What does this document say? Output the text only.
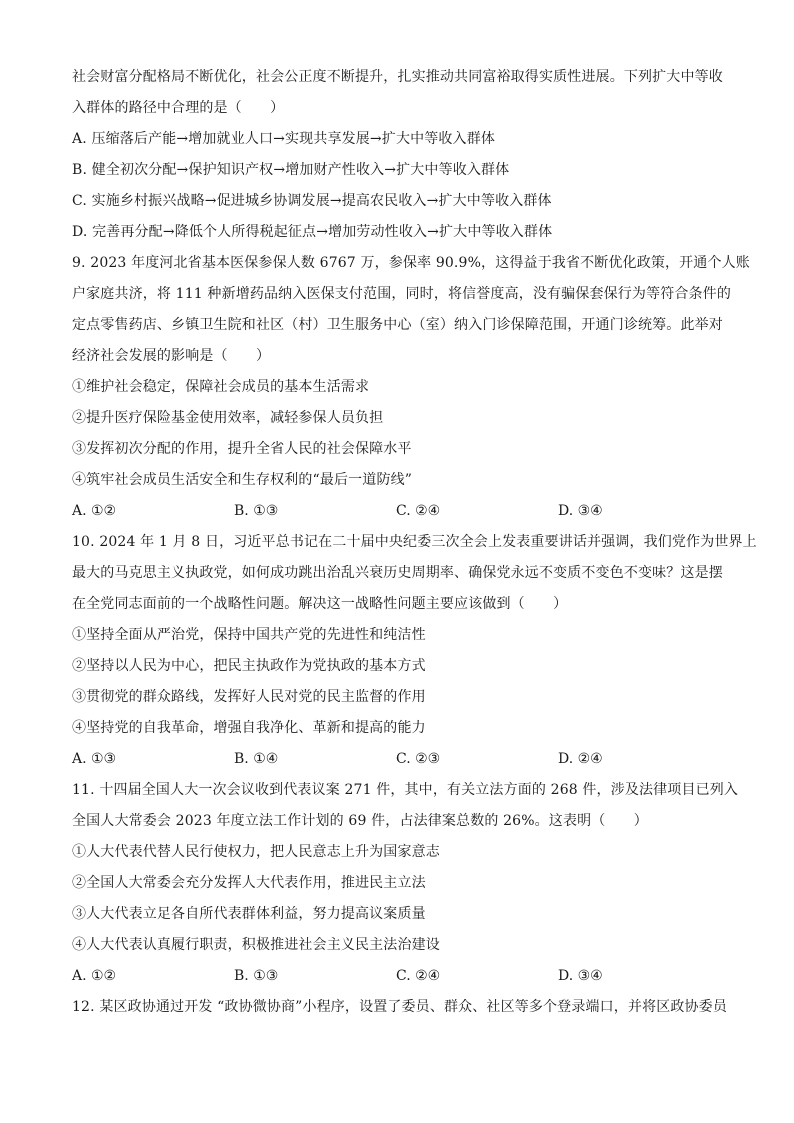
社会财富分配格局不断优化，社会公正度不断提升，扎实推动共同富裕取得实质性进展。下列扩大中等收
入群体的路径中合理的是（　　）
A. 压缩落后产能→增加就业人口→实现共享发展→扩大中等收入群体
B. 健全初次分配→保护知识产权→增加财产性收入→扩大中等收入群体
C. 实施乡村振兴战略→促进城乡协调发展→提高农民收入→扩大中等收入群体
D. 完善再分配→降低个人所得税起征点→增加劳动性收入→扩大中等收入群体
9. 2023 年度河北省基本医保参保人数 6767 万，参保率 90.9%，这得益于我省不断优化政策，开通个人账
户家庭共济，将 111 种新增药品纳入医保支付范围，同时，将信誉度高，没有骗保套保行为等符合条件的
定点零售药店、乡镇卫生院和社区（村）卫生服务中心（室）纳入门诊保障范围，开通门诊统筹。此举对
经济社会发展的影响是（　　）
①维护社会稳定，保障社会成员的基本生活需求
②提升医疗保险基金使用效率，减轻参保人员负担
③发挥初次分配的作用，提升全省人民的社会保障水平
④筑牢社会成员生活安全和生存权利的“最后一道防线”
A. ①②	B. ①③	C. ②④	D. ③④
10. 2024 年 1 月 8 日，习近平总书记在二十届中央纪委三次全会上发表重要讲话并强调，我们党作为世界上
最大的马克思主义执政党，如何成功跳出治乱兴衰历史周期率、确保党永远不变质不变色不变味？这是摆
在全党同志面前的一个战略性问题。解决这一战略性问题主要应该做到（　　）
①坚持全面从严治党，保持中国共产党的先进性和纯洁性
②坚持以人民为中心，把民主执政作为党执政的基本方式
③贯彻党的群众路线，发挥好人民对党的民主监督的作用
④坚持党的自我革命，增强自我净化、革新和提高的能力
A. ①③	B. ①④	C. ②③	D. ②④
11. 十四届全国人大一次会议收到代表议案 271 件，其中，有关立法方面的 268 件，涉及法律项目已列入
全国人大常委会 2023 年度立法工作计划的 69 件，占法律案总数的 26%。这表明（　　）
①人大代表代替人民行使权力，把人民意志上升为国家意志
②全国人大常委会充分发挥人大代表作用，推进民主立法
③人大代表立足各自所代表群体利益，努力提高议案质量
④人大代表认真履行职责，积极推进社会主义民主法治建设
A. ①②	B. ①③	C. ②④	D. ③④
12. 某区政协通过开发 “政协微协商”小程序，设置了委员、群众、社区等多个登录端口，并将区政协委员
